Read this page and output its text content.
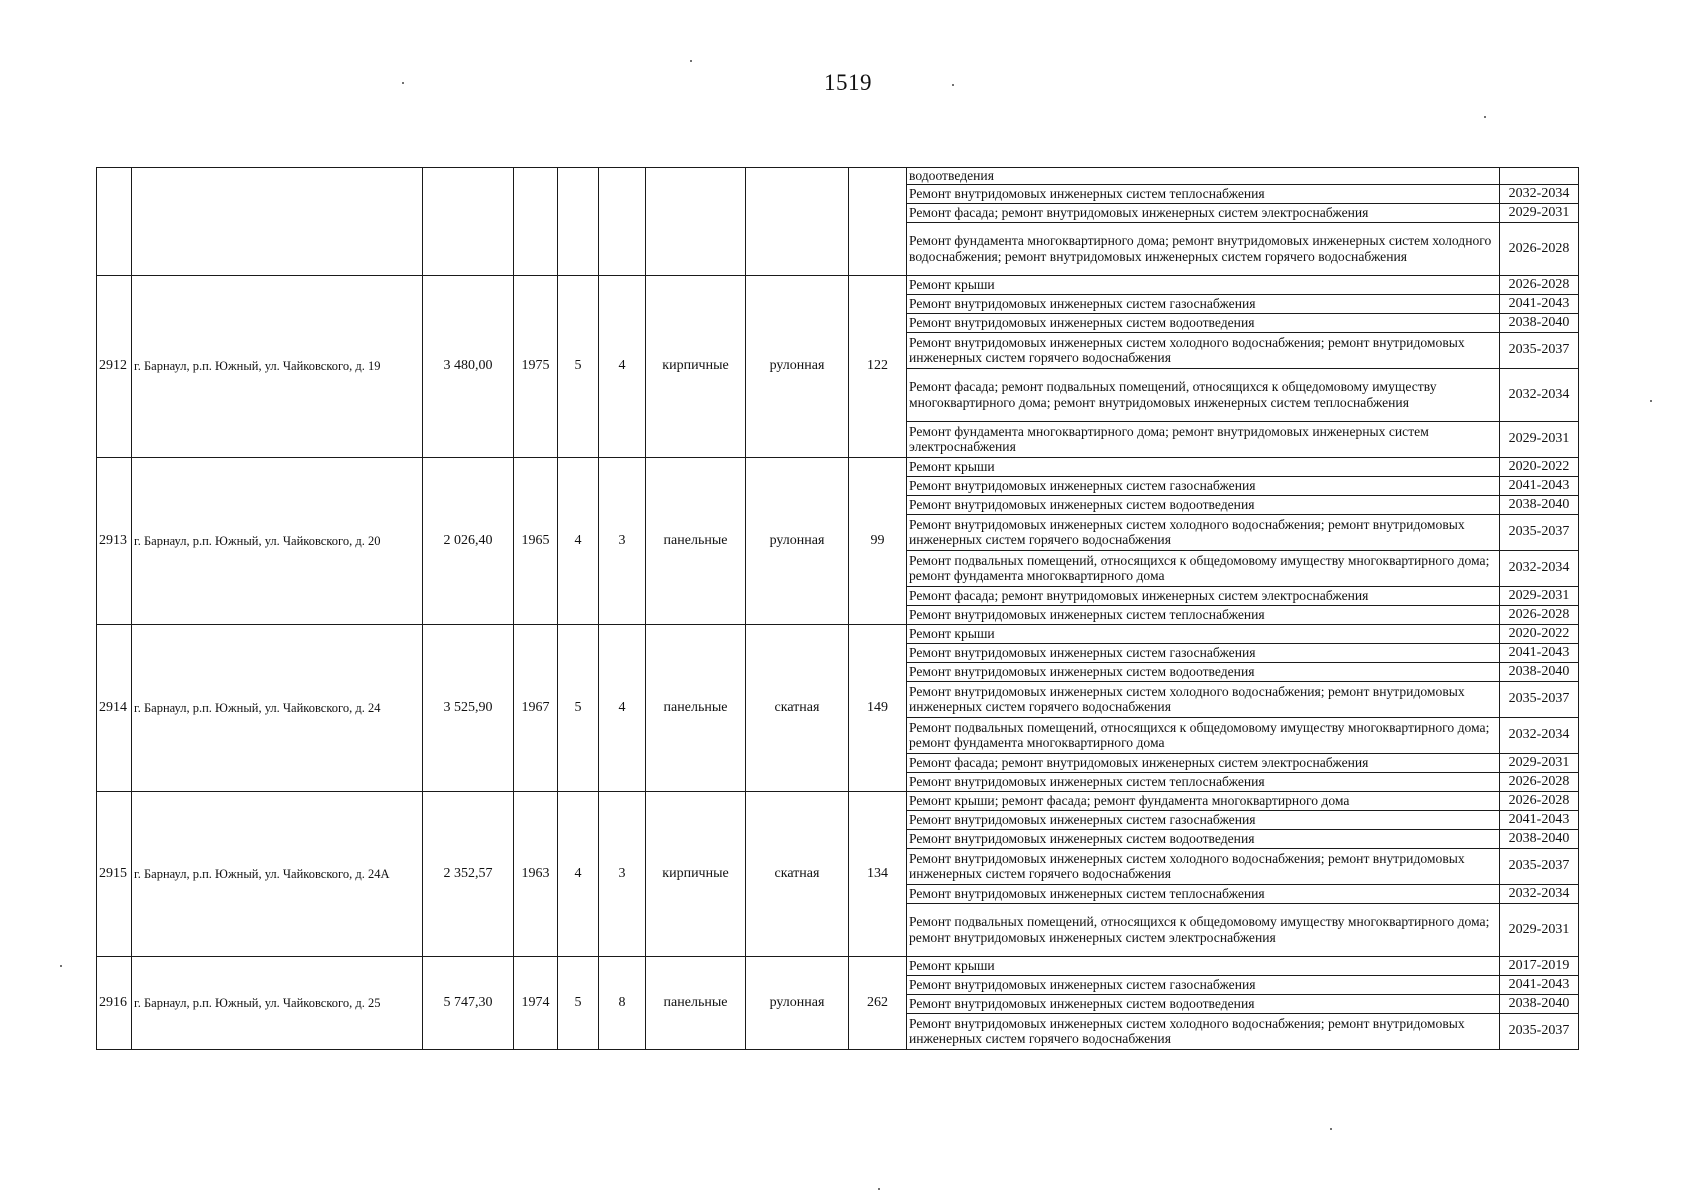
1519
									водоотведения	
									Ремонт внутридомовых инженерных систем теплоснабжения	2032-2034
									Ремонт фасада; ремонт внутридомовых инженерных систем электроснабжения	2029-2031
									Ремонт фундамента многоквартирного дома; ремонт внутридомовых инженерных систем холодного водоснабжения; ремонт внутридомовых инженерных систем горячего водоснабжения	2026-2028
2912	г. Барнаул, р.п. Южный, ул. Чайковского, д. 19	3 480,00	1975	5	4	кирпичные	рулонная	122	Ремонт крыши	2026-2028
									Ремонт внутридомовых инженерных систем газоснабжения	2041-2043
									Ремонт внутридомовых инженерных систем водоотведения	2038-2040
									Ремонт внутридомовых инженерных систем холодного водоснабжения; ремонт внутридомовых инженерных систем горячего водоснабжения	2035-2037
									Ремонт фасада; ремонт подвальных помещений, относящихся к общедомовому имуществу многоквартирного дома; ремонт внутридомовых инженерных систем теплоснабжения	2032-2034
									Ремонт фундамента многоквартирного дома; ремонт внутридомовых инженерных систем электроснабжения	2029-2031
2913	г. Барнаул, р.п. Южный, ул. Чайковского, д. 20	2 026,40	1965	4	3	панельные	рулонная	99	Ремонт крыши	2020-2022
									Ремонт внутридомовых инженерных систем газоснабжения	2041-2043
									Ремонт внутридомовых инженерных систем водоотведения	2038-2040
									Ремонт внутридомовых инженерных систем холодного водоснабжения; ремонт внутридомовых инженерных систем горячего водоснабжения	2035-2037
									Ремонт подвальных помещений, относящихся к общедомовому имуществу многоквартирного дома; ремонт фундамента многоквартирного дома	2032-2034
									Ремонт фасада; ремонт внутридомовых инженерных систем электроснабжения	2029-2031
									Ремонт внутридомовых инженерных систем теплоснабжения	2026-2028
2914	г. Барнаул, р.п. Южный, ул. Чайковского, д. 24	3 525,90	1967	5	4	панельные	скатная	149	Ремонт крыши	2020-2022
									Ремонт внутридомовых инженерных систем газоснабжения	2041-2043
									Ремонт внутридомовых инженерных систем водоотведения	2038-2040
									Ремонт внутридомовых инженерных систем холодного водоснабжения; ремонт внутридомовых инженерных систем горячего водоснабжения	2035-2037
									Ремонт подвальных помещений, относящихся к общедомовому имуществу многоквартирного дома; ремонт фундамента многоквартирного дома	2032-2034
									Ремонт фасада; ремонт внутридомовых инженерных систем электроснабжения	2029-2031
									Ремонт внутридомовых инженерных систем теплоснабжения	2026-2028
2915	г. Барнаул, р.п. Южный, ул. Чайковского, д. 24А	2 352,57	1963	4	3	кирпичные	скатная	134	Ремонт крыши; ремонт фасада; ремонт фундамента многоквартирного дома	2026-2028
									Ремонт внутридомовых инженерных систем газоснабжения	2041-2043
									Ремонт внутридомовых инженерных систем водоотведения	2038-2040
									Ремонт внутридомовых инженерных систем холодного водоснабжения; ремонт внутридомовых инженерных систем горячего водоснабжения	2035-2037
									Ремонт внутридомовых инженерных систем теплоснабжения	2032-2034
									Ремонт подвальных помещений, относящихся к общедомовому имуществу многоквартирного дома; ремонт внутридомовых инженерных систем электроснабжения	2029-2031
2916	г. Барнаул, р.п. Южный, ул. Чайковского, д. 25	5 747,30	1974	5	8	панельные	рулонная	262	Ремонт крыши	2017-2019
									Ремонт внутридомовых инженерных систем газоснабжения	2041-2043
									Ремонт внутридомовых инженерных систем водоотведения	2038-2040
									Ремонт внутридомовых инженерных систем холодного водоснабжения; ремонт внутридомовых инженерных систем горячего водоснабжения	2035-2037
